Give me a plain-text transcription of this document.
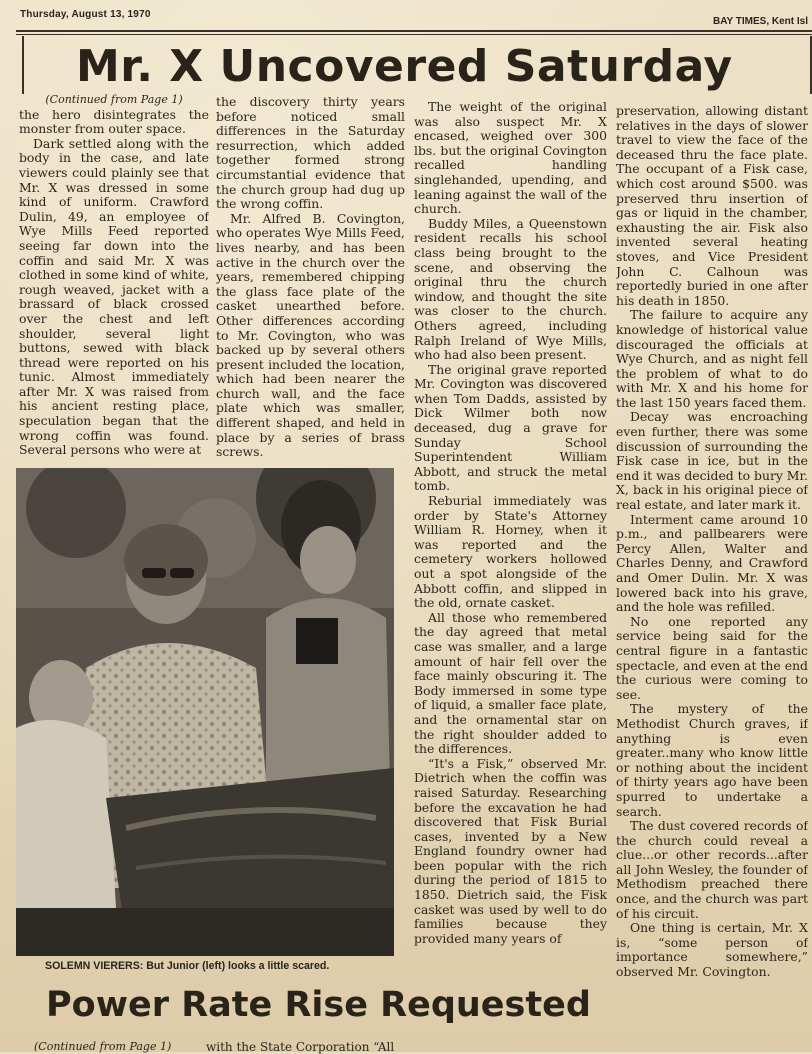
Thursday, August 13, 1970
BAY TIMES, Kent Isl
Mr. X Uncovered Saturday

(Continued from Page 1)

the hero disintegrates the monster from outer space.

Dark settled along with the body in the case, and late viewers could plainly see that Mr. X was dressed in some kind of uniform. Crawford Dulin, 49, an employee of Wye Mills Feed reported seeing far down into the coffin and said Mr. X was clothed in some kind of white, rough weaved, jacket with a brassard of black crossed over the chest and left shoulder, several light buttons, sewed with black thread were reported on his tunic. Almost immediately after Mr. X was raised from his ancient resting place, speculation began that the wrong coffin was found. Several persons who were at

the discovery thirty years before noticed small differences in the Saturday resurrection, which added together formed strong circumstantial evidence that the church group had dug up the wrong coffin.

Mr. Alfred B. Covington, who operates Wye Mills Feed, lives nearby, and has been active in the church over the years, remembered chipping the glass face plate of the casket unearthed before. Other differences according to Mr. Covington, who was backed up by several others present included the location, which had been nearer the church wall, and the face plate which was smaller, different shaped, and held in place by a series of brass screws.

The weight of the original was also suspect Mr. X encased, weighed over 300 lbs. but the original Covington recalled handling singlehanded, upending, and leaning against the wall of the church.

Buddy Miles, a Queenstown resident recalls his school class being brought to the scene, and observing the original thru the church window, and thought the site was closer to the church. Others agreed, including Ralph Ireland of Wye Mills, who had also been present.

The original grave reported Mr. Covington was discovered when Tom Dadds, assisted by Dick Wilmer both now deceased, dug a grave for Sunday School Superintendent William Abbott, and struck the metal tomb.

Reburial immediately was order by State's Attorney William R. Horney, when it was reported and the cemetery workers hollowed out a spot alongside of the Abbott coffin, and slipped in the old, ornate casket.

All those who remembered the day agreed that metal case was smaller, and a large amount of hair fell over the face mainly obscuring it. The Body immersed in some type of liquid, a smaller face plate, and the ornamental star on the right shoulder added to the differences.

“It's a Fisk,” observed Mr. Dietrich when the coffin was raised Saturday. Researching before the excavation he had discovered that Fisk Burial cases, invented by a New England foundry owner had been popular with the rich during the period of 1815 to 1850. Dietrich said, the Fisk casket was used by well to do families because they provided many years of

preservation, allowing distant relatives in the days of slower travel to view the face of the deceased thru the face plate. The occupant of a Fisk case, which cost around $500. was preserved thru insertion of gas or liquid in the chamber, exhausting the air. Fisk also invented several heating stoves, and Vice President John C. Calhoun was reportedly buried in one after his death in 1850.

The failure to acquire any knowledge of historical value discouraged the officials at Wye Church, and as night fell the problem of what to do with Mr. X and his home for the last 150 years faced them.

Decay was encroaching even further, there was some discussion of surrounding the Fisk case in ice, but in the end it was decided to bury Mr. X, back in his original piece of real estate, and later mark it.

Interment came around 10 p.m., and pallbearers were Percy Allen, Walter and Charles Denny, and Crawford and Omer Dulin. Mr. X was lowered back into his grave, and the hole was refilled.

No one reported any service being said for the central figure in a fantastic spectacle, and even at the end the curious were coming to see.

The mystery of the Methodist Church graves, if anything is even greater..many who know little or nothing about the incident of thirty years ago have been spurred to undertake a search.

The dust covered records of the church could reveal a clue...or other records...after all John Wesley, the founder of Methodism preached there once, and the church was part of his circuit.

One thing is certain, Mr. X is, “some person of importance somewhere,” observed Mr. Covington.

SOLEMN VIERERS: But Junior (left) looks a little scared.
Power Rate Rise Requested
(Continued from Page 1)	with the State Corporation “All
